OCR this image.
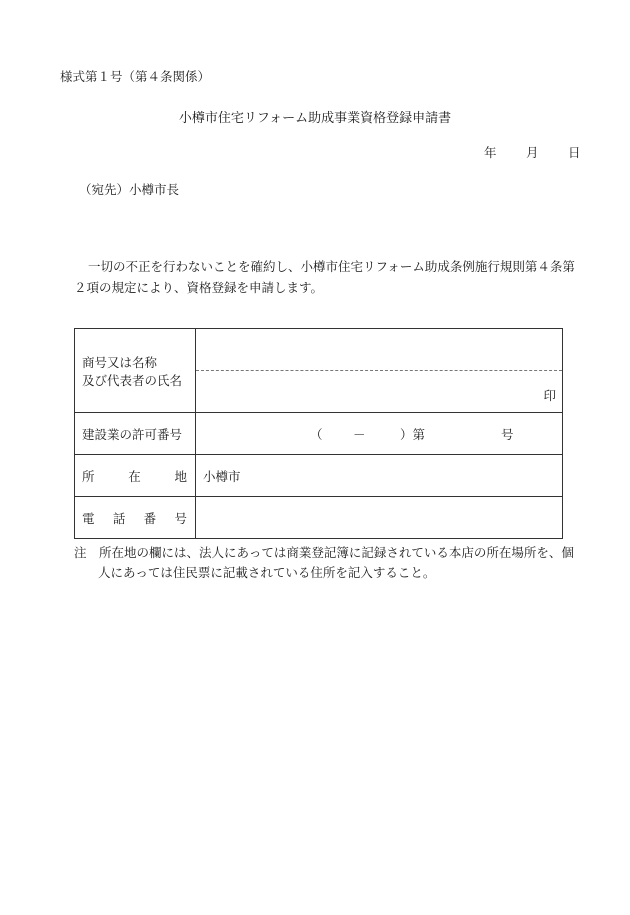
様式第１号（第４条関係）
小樽市住宅リフォーム助成事業資格登録申請書
年 月 日
（宛先）小樽市長
一切の不正を行わないことを確約し、小樽市住宅リフォーム助成条例施行規則第４条第２項の規定により、資格登録を申請します。
商号又は名称
及び代表者の氏名	印

建設業の許可番号	（ － ）第 号

所 在 地	小樽市

電 話 番 号	

注　所在地の欄には、法人にあっては商業登記簿に記録されている本店の所在場所を、個
人にあっては住民票に記載されている住所を記入すること。
